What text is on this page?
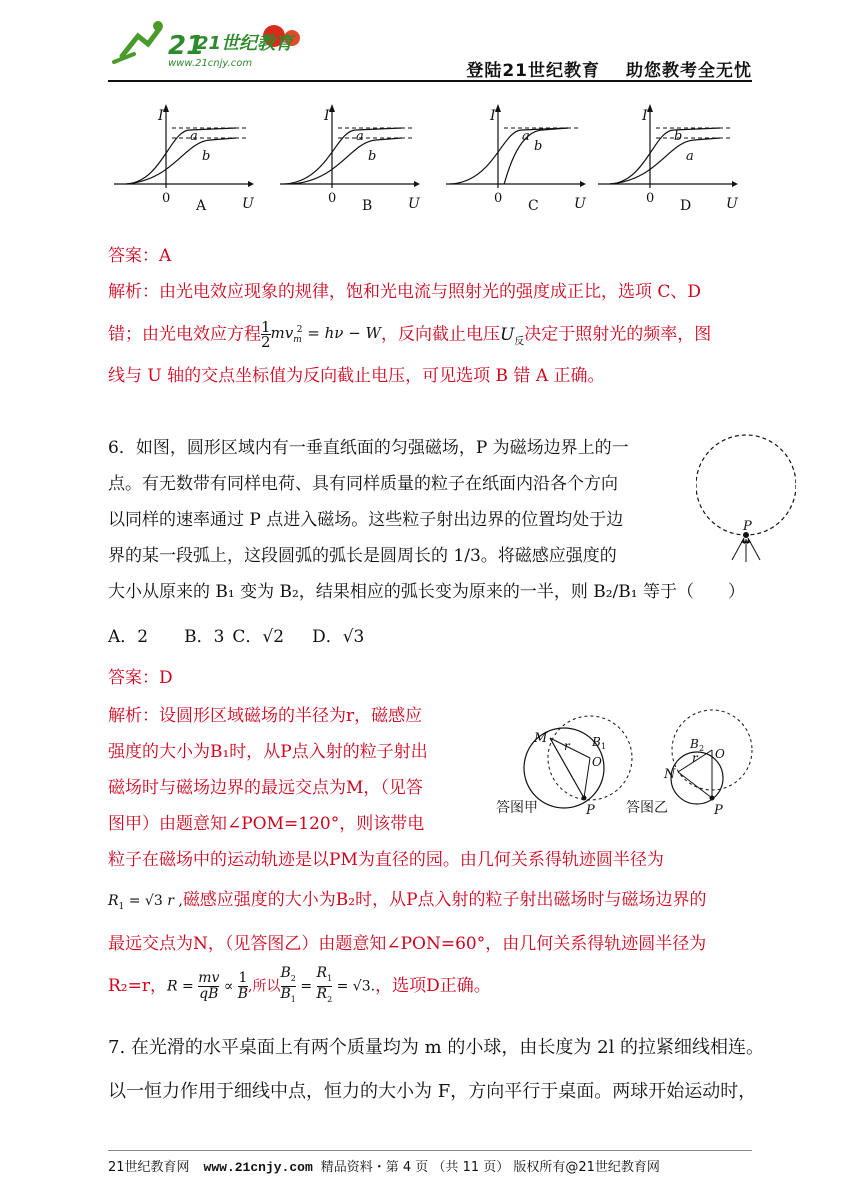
21
21世纪教育
www.21cnjy.com	登陆21世纪教育 助您教考全无忧
I
U
0 A
a
b
I
U
0 B
a
b
I
U
0 C
a
b
I
U
0 D
b
a
答案：A
解析：由光电效应现象的规律，饱和光电流与照射光的强度成正比，选项 C、D
错；由光电效应方程 $\frac{1}{2} mv_m^2 = h\nu - W$，反向截止电压$U_反$决定于照射光的频率，图
线与 U 轴的交点坐标值为反向截止电压，可见选项 B 错 A 正确。
6．如图，圆形区域内有一垂直纸面的匀强磁场，P 为磁场边界上的一
点。有无数带有同样电荷、具有同样质量的粒子在纸面内沿各个方向
以同样的速率通过 P 点进入磁场。这些粒子射出边界的位置均处于边
界的某一段弧上，这段圆弧的弧长是圆周长的 1/3。将磁感应强度的
大小从原来的 B₁ 变为 B₂，结果相应的弧长变为原来的一半，则 B₂/B₁ 等于（　　）
P
A．2 B．3 C．√2 D．√3
答案：D
解析：设圆形区域磁场的半径为r，磁感应
强度的大小为B₁时，从P点入射的粒子射出
磁场时与磁场边界的最远交点为M，（见答
图甲）由题意知∠POM=120°，则该带电
M r B 1
O
P
答图甲
B 2
r O
N
P
答图乙
粒子在磁场中的运动轨迹是以PM为直径的园。由几何关系得轨迹圆半径为
$R_1 = √3$ r ,磁感应强度的大小为B₂时，从P点入射的粒子射出磁场时与磁场边界的
最远交点为N，（见答图乙）由题意知∠PON=60°，由几何关系得轨迹圆半径为
R₂=r，$R = \frac{mv}{qB} \propto \frac{1}{B}$ ,所以 $\frac{B_2}{B_1} = \frac{R_1}{R_2} = √3$.，选项D正确。
7. 在光滑的水平桌面上有两个质量均为 m 的小球，由长度为 2l 的拉紧细线相连。
以一恒力作用于细线中点，恒力的大小为 F，方向平行于桌面。两球开始运动时，
21世纪教育网 www.21cnjy.com 精品资料・第 4 页 （共 11 页） 版权所有@21世纪教育网
